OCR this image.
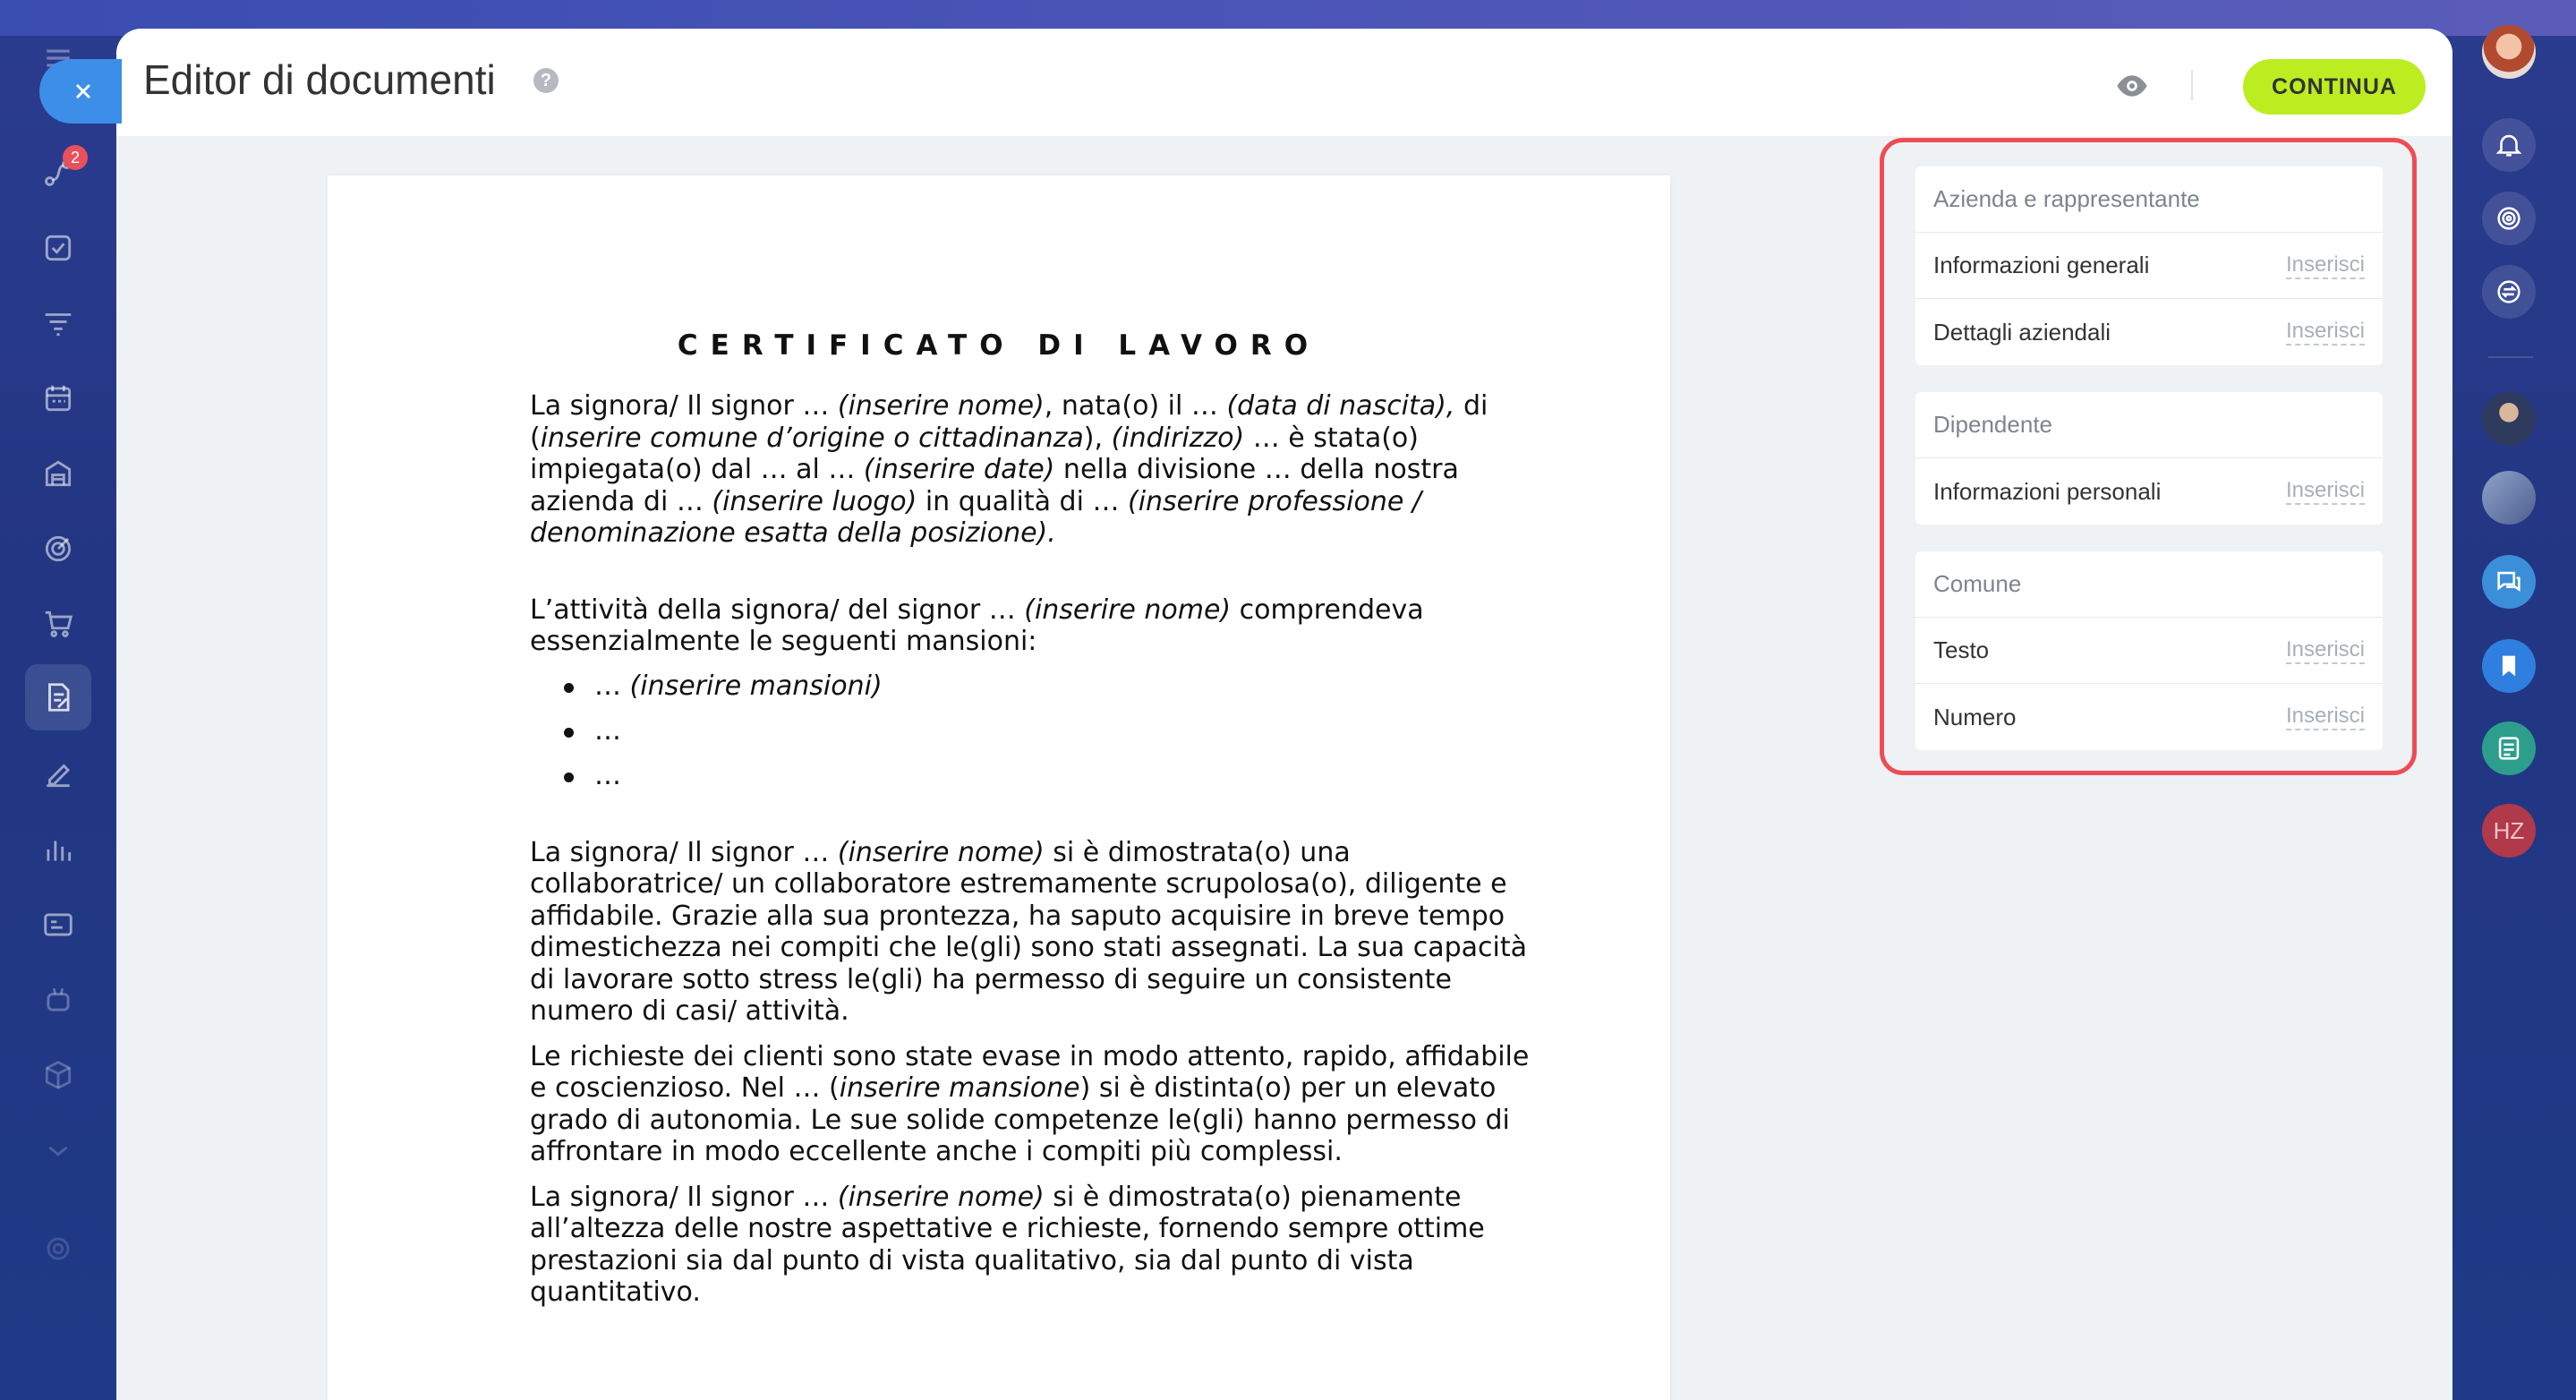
2
Editor di documenti	?	CONTINUA
CERTIFICATO DI LAVORO

La signora/ Il signor … (inserire nome), nata(o) il … (data di nascita), di (inserire comune d’origine o cittadinanza), (indirizzo) … è stata(o) impiegata(o) dal … al … (inserire date) nella divisione … della nostra azienda di … (inserire luogo) in qualità di … (inserire professione / denominazione esatta della posizione).

L’attività della signora/ del signor … (inserire nome) comprendeva essenzialmente le seguenti mansioni:

… (inserire mansioni)
…
…

La signora/ Il signor … (inserire nome) si è dimostrata(o) una collaboratrice/ un collaboratore estremamente scrupolosa(o), diligente e affidabile. Grazie alla sua prontezza, ha saputo acquisire in breve tempo dimestichezza nei compiti che le(gli) sono stati assegnati. La sua capacità di lavorare sotto stress le(gli) ha permesso di seguire un consistente numero di casi/ attività.

Le richieste dei clienti sono state evase in modo attento, rapido, affidabile e coscienzioso. Nel … (inserire mansione) si è distinta(o) per un elevato grado di autonomia. Le sue solide competenze le(gli) hanno permesso di affrontare in modo eccellente anche i compiti più complessi.

La signora/ Il signor … (inserire nome) si è dimostrata(o) pienamente all’altezza delle nostre aspettative e richieste, fornendo sempre ottime prestazioni sia dal punto di vista qualitativo, sia dal punto di vista quantitativo.

Azienda e rappresentante
Informazioni generali	Inserisci
Dettagli aziendali	Inserisci
Dipendente
Informazioni personali	Inserisci
Comune
Testo	Inserisci
Numero	Inserisci
HZ
